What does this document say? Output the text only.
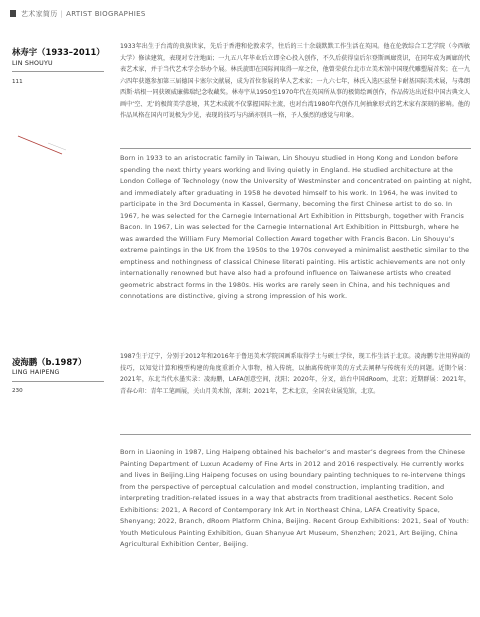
艺术家简历 | ARTIST BIOGRAPHIES
林寿宇（1933–2011）
LIN SHOUYU
111

1933年出生于台湾的贵族世家，先后于香港和伦敦求学，往后的三十余载默默工作生活在英国。他在伦敦综合工艺学院（今西敏大学）修读建筑，表现对专注地面；一九五八年毕业后立即全心投入创作，不久后获得皇后尔登斯画廊赏识，在同年成为画廊的代表艺术家，并于当代艺术学会举办个展。林氏旋即在国际间取得一席之位，他曾荣获台北市立美术馆中国现代雕塑展首奖；在一九六四年获邀参加第三届德国卡塞尔文献展，成为首位参展的华人艺术家；一九六七年，林氏入选匹兹堡卡耐基国际美术展，与弗朗西斯·培根一同获颁威廉佛瑞纪念收藏奖。林寿宇从1950至1970年代在英国所从事的极简绘画创作，作品传达出近似中国古典文人画中‘空、无’的极简美学意境，其艺术成就不仅掌握国际主流，也对台湾1980年代创作几何抽象形式的艺术家有深刻的影响。他的作品风格在国内可说极为少见，表现的技巧与内涵亦别具一格，予人强烈的感觉与印象。

Born in 1933 to an aristocratic family in Taiwan, Lin Shouyu studied in Hong Kong and London before spending the next thirty years working and living quietly in England. He studied architecture at the London College of Technology (now the University of Westminster and concentrated on painting at night, and immediately after graduating in 1958 he devoted himself to his work. In 1964, he was invited to participate in the 3rd Documenta in Kassel, Germany, becoming the first Chinese artist to do so. In 1967, he was selected for the Carnegie International Art Exhibition in Pittsburgh, together with Francis Bacon. In 1967, Lin was selected for the Carnegie International Art Exhibition in Pittsburgh, where he was awarded the William Fury Memorial Collection Award together with Francis Bacon. Lin Shouyu’s extreme paintings in the UK from the 1950s to the 1970s conveyed a minimalist aesthetic similar to the emptiness and nothingness of classical Chinese literati painting. His artistic achievements are not only internationally renowned but have also had a profound influence on Taiwanese artists who created geometric abstract forms in the 1980s. His works are rarely seen in China, and his techniques and connotations are distinctive, giving a strong impression of his work.

凌海鹏（b.1987）
LING HAIPENG
230

1987生于辽宁，分别于2012年和2016年于鲁迅美术学院国画系取得学士与硕士学位，现工作生活于北京。凌海鹏专注用界面的技巧，以知觉计算和模型构建的角度重新介入事物，植入传统，以抽离传统审美的方式去阐释与传统有关的问题。近期个展：2021年，东北当代水墨实录：凌海鹏，LAFA创意空间，沈阳；2020年，分叉，站台中国dRoom，北京；近期群展：2021年，青春心印：青年工笔画展，关山月美术馆，深圳；2021年，艺术北京，全国农业展览馆，北京。

Born in Liaoning in 1987, Ling Haipeng obtained his bachelor’s and master’s degrees from the Chinese Painting Department of Luxun Academy of Fine Arts in 2012 and 2016 respectively. He currently works and lives in Beijing.Ling Haipeng focuses on using boundary painting techniques to re-intervene things from the perspective of perceptual calculation and model construction, implanting tradition, and interpreting tradition-related issues in a way that abstracts from traditional aesthetics. Recent Solo Exhibitions: 2021, A Record of Contemporary Ink Art in Northeast China, LAFA Creativity Space, Shenyang; 2022, Branch, dRoom Platform China, Beijing. Recent Group Exhibitions: 2021, Seal of Youth: Youth Meticulous Painting Exhibition, Guan Shanyue Art Museum, Shenzhen; 2021, Art Beijing, China Agricultural Exhibition Center, Beijing.
